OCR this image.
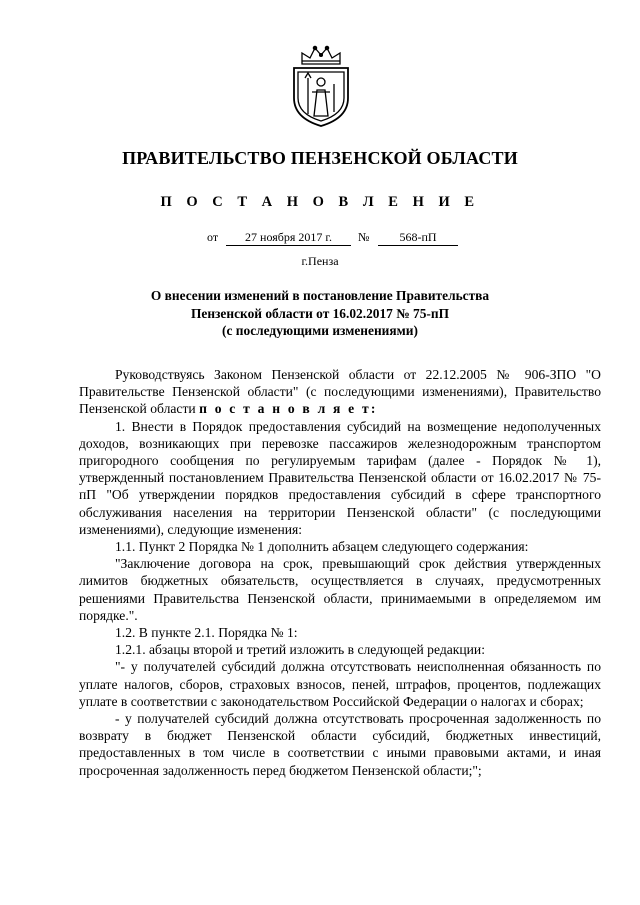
ПРАВИТЕЛЬСТВО ПЕНЗЕНСКОЙ ОБЛАСТИ
П О С Т А Н О В Л Е Н И Е
от	27 ноября 2017 г.	№	568-пП
г.Пенза
О внесении изменений в постановление Правительства
Пензенской области от 16.02.2017 № 75-пП
(с последующими изменениями)

Руководствуясь Законом Пензенской области от 22.12.2005 № 906-ЗПО "О Правительстве Пензенской области" (с последующими изменениями), Правительство Пензенской области п о с т а н о в л я е т:

1. Внести в Порядок предоставления субсидий на возмещение недополученных доходов, возникающих при перевозке пассажиров железнодорожным транспортом пригородного сообщения по регулируемым тарифам (далее - Порядок № 1), утвержденный постановлением Правительства Пензенской области от 16.02.2017 № 75-пП "Об утверждении порядков предоставления субсидий в сфере транспортного обслуживания населения на территории Пензенской области" (с последующими изменениями), следующие изменения:

1.1. Пункт 2 Порядка № 1 дополнить абзацем следующего содержания:

"Заключение договора на срок, превышающий срок действия утвержденных лимитов бюджетных обязательств, осуществляется в случаях, предусмотренных решениями Правительства Пензенской области, принимаемыми в определяемом им порядке.".

1.2. В пункте 2.1. Порядка № 1:

1.2.1. абзацы второй и третий изложить в следующей редакции:

"- у получателей субсидий должна отсутствовать неисполненная обязанность по уплате налогов, сборов, страховых взносов, пеней, штрафов, процентов, подлежащих уплате в соответствии с законодательством Российской Федерации о налогах и сборах;

- у получателей субсидий должна отсутствовать просроченная задолженность по возврату в бюджет Пензенской области субсидий, бюджетных инвестиций, предоставленных в том числе в соответствии с иными правовыми актами, и иная просроченная задолженность перед бюджетом Пензенской области;";
